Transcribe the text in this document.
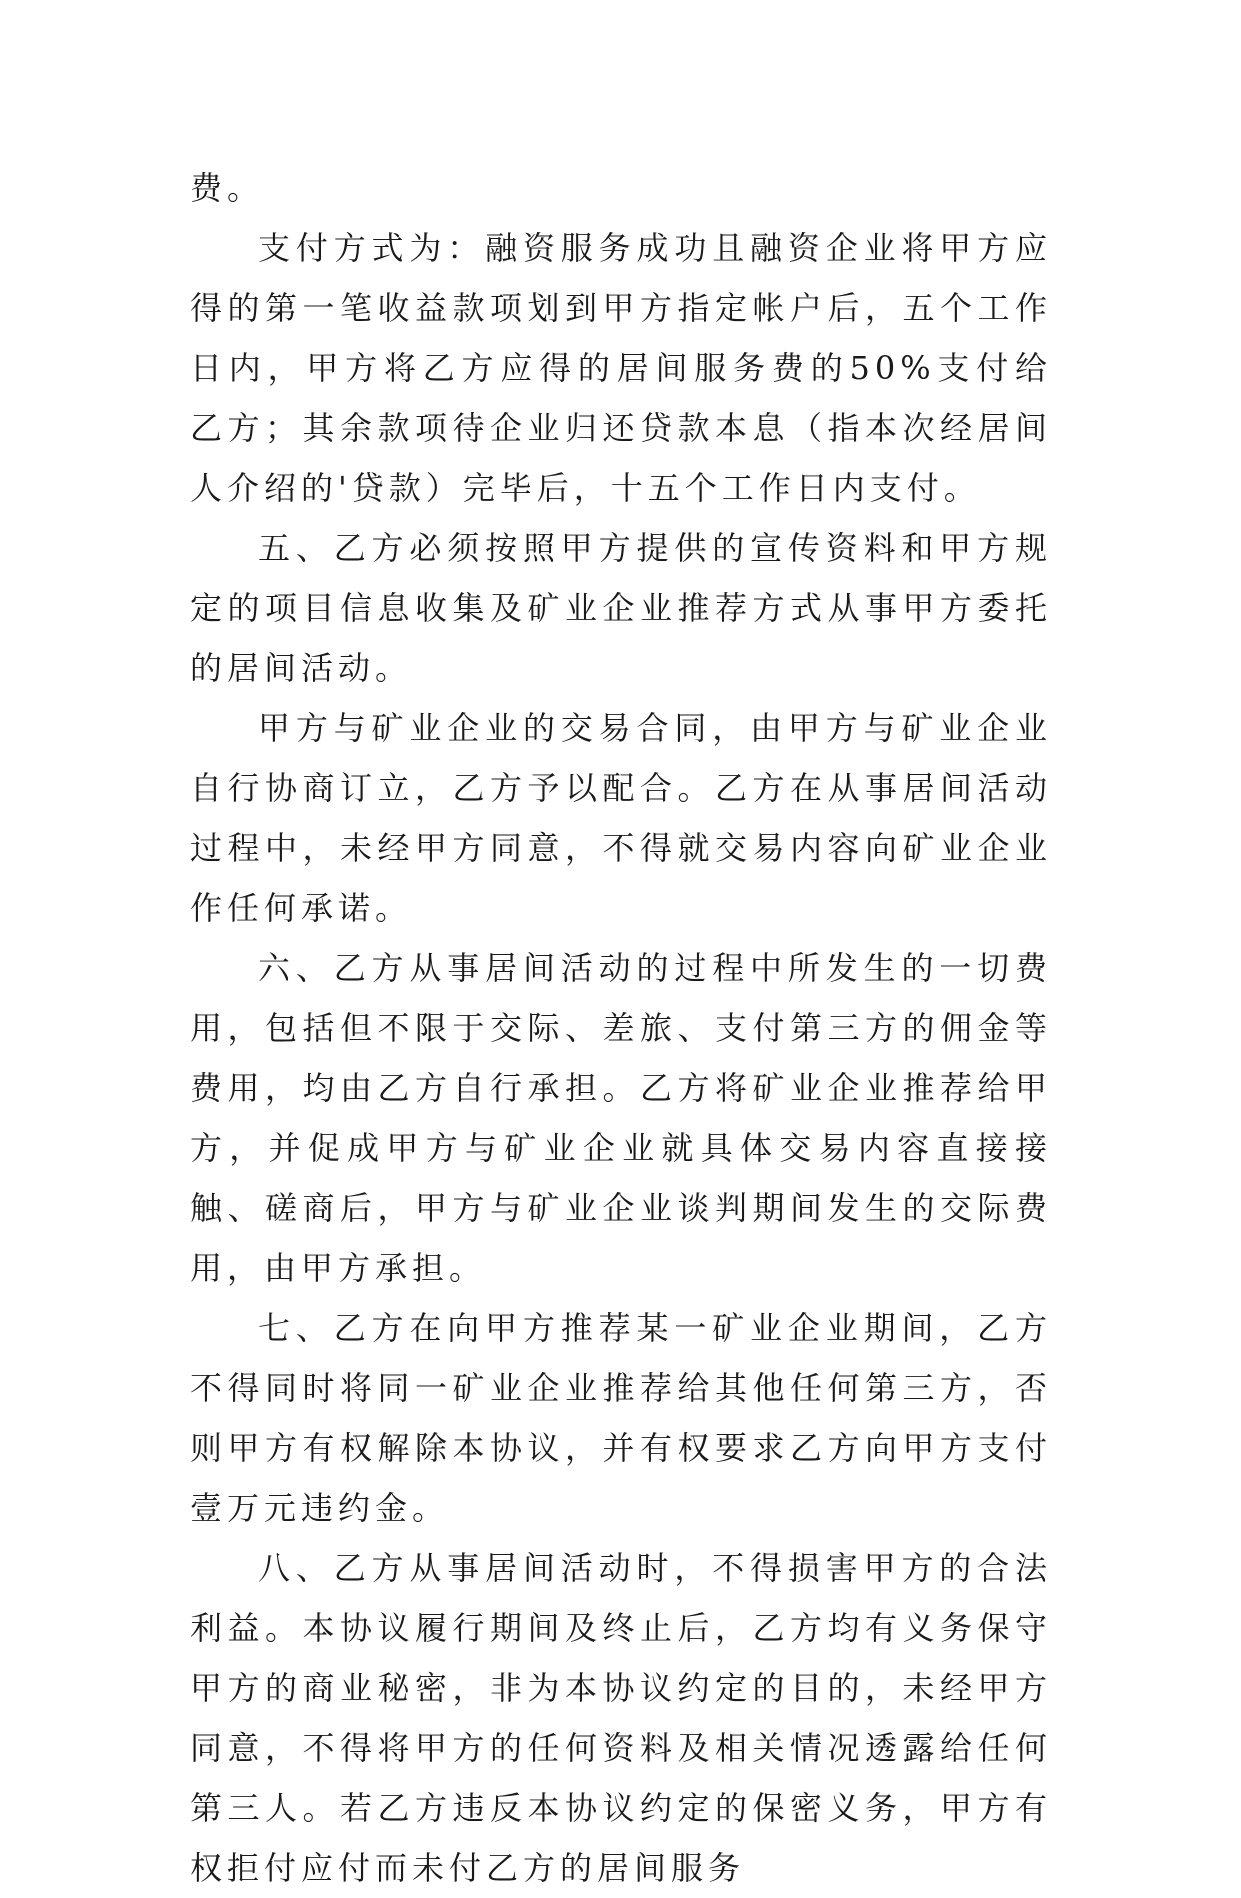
费。

支付方式为：融资服务成功且融资企业将甲方应得的第一笔收益款项划到甲方指定帐户后，五个工作日内，甲方将乙方应得的居间服务费的50%支付给乙方；其余款项待企业归还贷款本息（指本次经居间人介绍的'贷款）完毕后，十五个工作日内支付。

五、乙方必须按照甲方提供的宣传资料和甲方规定的项目信息收集及矿业企业推荐方式从事甲方委托的居间活动。

甲方与矿业企业的交易合同，由甲方与矿业企业自行协商订立，乙方予以配合。乙方在从事居间活动过程中，未经甲方同意，不得就交易内容向矿业企业作任何承诺。

六、乙方从事居间活动的过程中所发生的一切费用，包括但不限于交际、差旅、支付第三方的佣金等费用，均由乙方自行承担。乙方将矿业企业推荐给甲方，并促成甲方与矿业企业就具体交易内容直接接触、磋商后，甲方与矿业企业谈判期间发生的交际费用，由甲方承担。

七、乙方在向甲方推荐某一矿业企业期间，乙方不得同时将同一矿业企业推荐给其他任何第三方，否则甲方有权解除本协议，并有权要求乙方向甲方支付壹万元违约金。

八、乙方从事居间活动时，不得损害甲方的合法利益。本协议履行期间及终止后，乙方均有义务保守甲方的商业秘密，非为本协议约定的目的，未经甲方同意，不得将甲方的任何资料及相关情况透露给任何第三人。若乙方违反本协议约定的保密义务，甲方有权拒付应付而未付乙方的居间服务
